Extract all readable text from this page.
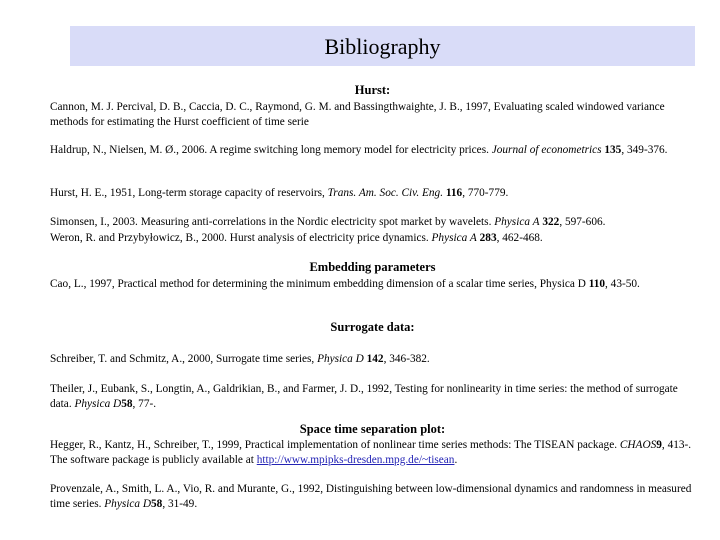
Bibliography
Hurst:
Cannon, M. J. Percival, D. B., Caccia, D. C., Raymond, G. M. and Bassingthwaighte, J. B., 1997, Evaluating scaled windowed variance methods for estimating the Hurst coefficient of time serie
Haldrup, N., Nielsen, M. Ø., 2006. A regime switching long memory model for electricity prices. Journal of econometrics 135, 349-376.
Hurst, H. E., 1951, Long-term storage capacity of reservoirs, Trans. Am. Soc. Civ. Eng. 116, 770-779.
Simonsen, I., 2003. Measuring anti-correlations in the Nordic electricity spot market by wavelets. Physica A 322, 597-606.
Weron, R. and Przybyłowicz, B., 2000. Hurst analysis of electricity price dynamics. Physica A 283, 462-468.
Embedding parameters
Cao, L., 1997, Practical method for determining the minimum embedding dimension of a scalar time series, Physica D 110, 43-50.
Surrogate data:
Schreiber, T. and Schmitz, A., 2000, Surrogate time series, Physica D 142, 346-382.
Theiler, J., Eubank, S., Longtin, A., Galdrikian, B., and Farmer, J. D., 1992, Testing for nonlinearity in time series: the method of surrogate data. Physica D58, 77-.
Space time separation plot:
Hegger, R., Kantz, H., Schreiber, T., 1999, Practical implementation of nonlinear time series methods: The TISEAN package. CHAOS9, 413-. The software package is publicly available at http://www.mpipks-dresden.mpg.de/~tisean.
Provenzale, A., Smith, L. A., Vio, R. and Murante, G., 1992, Distinguishing between low-dimensional dynamics and randomness in measured time series. Physica D58, 31-49.
